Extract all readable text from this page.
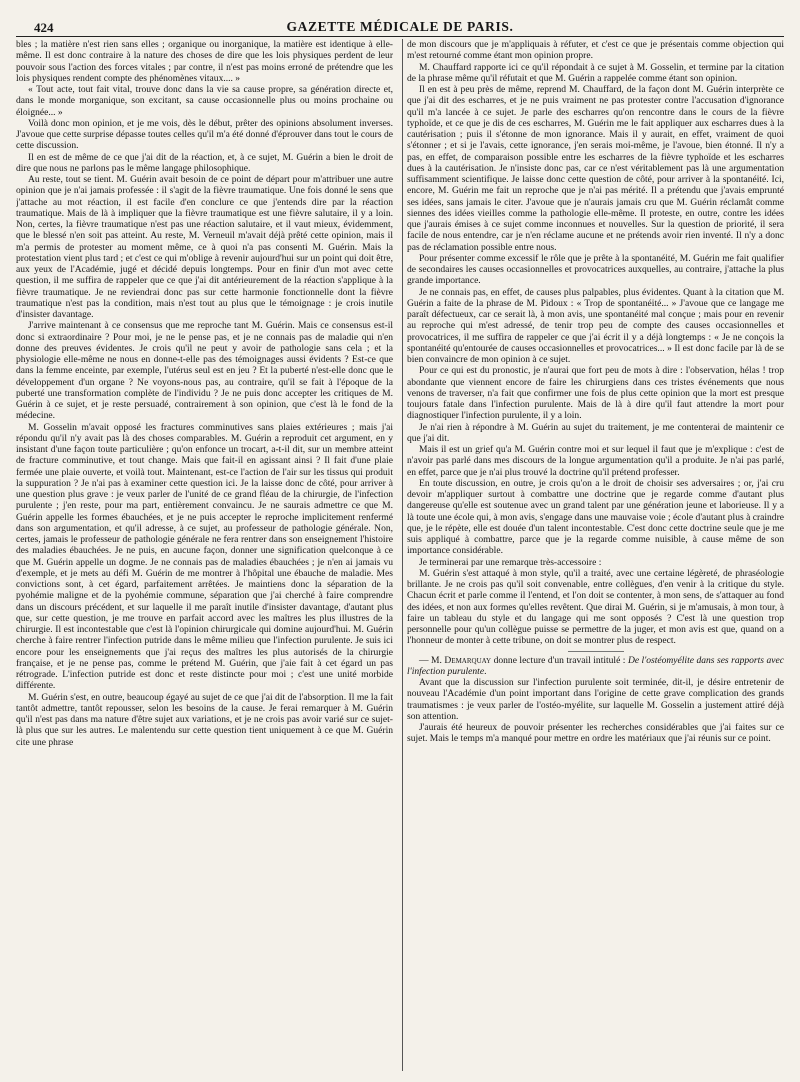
424	GAZETTE MÉDICALE DE PARIS.

bles ; la matière n'est rien sans elles ; organique ou inorganique, la matière est identique à elle-même. Il est donc contraire à la nature des choses de dire que les lois physiques perdent de leur pouvoir sous l'action des forces vitales ; par contre, il n'est pas moins erroné de prétendre que les lois physiques rendent compte des phénomènes vitaux.... »

« Tout acte, tout fait vital, trouve donc dans la vie sa cause propre, sa génération directe et, dans le monde morganique, son excitant, sa cause occasionnelle plus ou moins prochaine ou éloignée... »

Voilà donc mon opinion, et je me vois, dès le début, prêter des opinions absolument inverses. J'avoue que cette surprise dépasse toutes celles qu'il m'a été donné d'éprouver dans tout le cours de cette discussion.

Il en est de même de ce que j'ai dit de la réaction, et, à ce sujet, M. Guérin a bien le droit de dire que nous ne parlons pas le même langage philosophique.

Au reste, tout se tient. M. Guérin avait besoin de ce point de départ pour m'attribuer une autre opinion que je n'ai jamais professée : il s'agit de la fièvre traumatique. Une fois donné le sens que j'attache au mot réaction, il est facile d'en conclure ce que j'entends dire par la réaction traumatique. Mais de là à impliquer que la fièvre traumatique est une fièvre salutaire, il y a loin. Non, certes, la fièvre traumatique n'est pas une réaction salutaire, et il vaut mieux, évidemment, que le blessé n'en soit pas atteint. Au reste, M. Verneuil m'avait déjà prêté cette opinion, mais il m'a permis de protester au moment même, ce à quoi n'a pas consenti M. Guérin. Mais la protestation vient plus tard ; et c'est ce qui m'oblige à revenir aujourd'hui sur un point qui doit être, aux yeux de l'Académie, jugé et décidé depuis longtemps. Pour en finir d'un mot avec cette question, il me suffira de rappeler que ce que j'ai dit antérieurement de la réaction s'applique à la fièvre traumatique. Je ne reviendrai donc pas sur cette harmonie fonctionnelle dont la fièvre traumatique n'est pas la condition, mais n'est tout au plus que le témoignage : je crois inutile d'insister davantage.

J'arrive maintenant à ce consensus que me reproche tant M. Guérin. Mais ce consensus est-il donc si extraordinaire ? Pour moi, je ne le pense pas, et je ne connais pas de maladie qui n'en donne des preuves évidentes. Je crois qu'il ne peut y avoir de pathologie sans cela ; et la physiologie elle-même ne nous en donne-t-elle pas des témoignages aussi évidents ? Est-ce que dans la femme enceinte, par exemple, l'utérus seul est en jeu ? Et la puberté n'est-elle donc que le développement d'un organe ? Ne voyons-nous pas, au contraire, qu'il se fait à l'époque de la puberté une transformation complète de l'individu ? Je ne puis donc accepter les critiques de M. Guérin à ce sujet, et je reste persuadé, contrairement à son opinion, que c'est là le fond de la médecine.

M. Gosselin m'avait opposé les fractures comminutives sans plaies extérieures ; mais j'ai répondu qu'il n'y avait pas là des choses comparables. M. Guérin a reproduit cet argument, en y insistant d'une façon toute particulière ; qu'on enfonce un trocart, a-t-il dit, sur un membre atteint de fracture comminutive, et tout change. Mais que fait-il en agissant ainsi ? Il fait d'une plaie fermée une plaie ouverte, et voilà tout. Maintenant, est-ce l'action de l'air sur les tissus qui produit la suppuration ? Je n'ai pas à examiner cette question ici. Je la laisse donc de côté, pour arriver à une question plus grave : je veux parler de l'unité de ce grand fléau de la chirurgie, de l'infection purulente ; j'en reste, pour ma part, entièrement convaincu. Je ne saurais admettre ce que M. Guérin appelle les formes ébauchées, et je ne puis accepter le reproche implicitement renfermé dans son argumentation, et qu'il adresse, à ce sujet, au professeur de pathologie générale. Non, certes, jamais le professeur de pathologie générale ne fera rentrer dans son enseignement l'histoire des maladies ébauchées. Je ne puis, en aucune façon, donner une signification quelconque à ce que M. Guérin appelle un dogme. Je ne connais pas de maladies ébauchées ; je n'en ai jamais vu d'exemple, et je mets au défi M. Guérin de me montrer à l'hôpital une ébauche de maladie. Mes convictions sont, à cet égard, parfaitement arrêtées. Je maintiens donc la séparation de la pyohémie maligne et de la pyohémie commune, séparation que j'ai cherché à faire comprendre dans un discours précédent, et sur laquelle il me paraît inutile d'insister davantage, d'autant plus que, sur cette question, je me trouve en parfait accord avec les maîtres les plus illustres de la chirurgie. Il est incontestable que c'est là l'opinion chirurgicale qui domine aujourd'hui. M. Guérin cherche à faire rentrer l'infection putride dans le même milieu que l'infection purulente. Je suis ici encore pour les enseignements que j'ai reçus des maîtres les plus autorisés de la chirurgie française, et je ne pense pas, comme le prétend M. Guérin, que j'aie fait à cet égard un pas rétrograde. L'infection putride est donc et reste distincte pour moi ; c'est une unité morbide différente.

M. Guérin s'est, en outre, beaucoup égayé au sujet de ce que j'ai dit de l'absorption. Il me la fait tantôt admettre, tantôt repousser, selon les besoins de la cause. Je ferai remarquer à M. Guérin qu'il n'est pas dans ma nature d'être sujet aux variations, et je ne crois pas avoir varié sur ce sujet-là plus que sur les autres. Le malentendu sur cette question tient uniquement à ce que M. Guérin cite une phrase

de mon discours que je m'appliquais à réfuter, et c'est ce que je présentais comme objection qui m'est retourné comme étant mon opinion propre.

M. Chauffard rapporte ici ce qu'il répondait à ce sujet à M. Gosselin, et termine par la citation de la phrase même qu'il réfutait et que M. Guérin a rappelée comme étant son opinion.

Il en est à peu près de même, reprend M. Chauffard, de la façon dont M. Guérin interprète ce que j'ai dit des escharres, et je ne puis vraiment ne pas protester contre l'accusation d'ignorance qu'il m'a lancée à ce sujet. Je parle des escharres qu'on rencontre dans le cours de la fièvre typhoïde, et ce que je dis de ces escharres, M. Guérin me le fait appliquer aux escharres dues à la cautérisation ; puis il s'étonne de mon ignorance. Mais il y aurait, en effet, vraiment de quoi s'étonner ; et si je l'avais, cette ignorance, j'en serais moi-même, je l'avoue, bien étonné. Il n'y a pas, en effet, de comparaison possible entre les escharres de la fièvre typhoïde et les escharres dues à la cautérisation. Je n'insiste donc pas, car ce n'est véritablement pas là une argumentation suffisamment scientifique. Je laisse donc cette question de côté, pour arriver à la spontanéité. Ici, encore, M. Guérin me fait un reproche que je n'ai pas mérité. Il a prétendu que j'avais emprunté ses idées, sans jamais le citer. J'avoue que je n'aurais jamais cru que M. Guérin réclamât comme siennes des idées vieilles comme la pathologie elle-même. Il proteste, en outre, contre les idées que j'aurais émises à ce sujet comme inconnues et nouvelles. Sur la question de priorité, il sera facile de nous entendre, car je n'en réclame aucune et ne prétends avoir rien inventé. Il n'y a donc pas de réclamation possible entre nous.

Pour présenter comme excessif le rôle que je prête à la spontanéité, M. Guérin me fait qualifier de secondaires les causes occasionnelles et provocatrices auxquelles, au contraire, j'attache la plus grande importance.

Je ne connais pas, en effet, de causes plus palpables, plus évidentes. Quant à la citation que M. Guérin a faite de la phrase de M. Pidoux : « Trop de spontanéité... » J'avoue que ce langage me paraît défectueux, car ce serait là, à mon avis, une spontanéité mal conçue ; mais pour en revenir au reproche qui m'est adressé, de tenir trop peu de compte des causes occasionnelles et provocatrices, il me suffira de rappeler ce que j'ai écrit il y a déjà longtemps : « Je ne conçois la spontanéité qu'entourée de causes occasionnelles et provocatrices... » Il est donc facile par là de se bien convaincre de mon opinion à ce sujet.

Pour ce qui est du pronostic, je n'aurai que fort peu de mots à dire : l'observation, hélas ! trop abondante que viennent encore de faire les chirurgiens dans ces tristes événements que nous venons de traverser, n'a fait que confirmer une fois de plus cette opinion que la mort est presque toujours fatale dans l'infection purulente. Mais de là à dire qu'il faut attendre la mort pour diagnostiquer l'infection purulente, il y a loin.

Je n'ai rien à répondre à M. Guérin au sujet du traitement, je me contenterai de maintenir ce que j'ai dit.

Mais il est un grief qu'a M. Guérin contre moi et sur lequel il faut que je m'explique : c'est de n'avoir pas parlé dans mes discours de la longue argumentation qu'il a produite. Je n'ai pas parlé, en effet, parce que je n'ai plus trouvé la doctrine qu'il prétend professer.

En toute discussion, en outre, je crois qu'on a le droit de choisir ses adversaires ; or, j'ai cru devoir m'appliquer surtout à combattre une doctrine que je regarde comme d'autant plus dangereuse qu'elle est soutenue avec un grand talent par une génération jeune et laborieuse. Il y a là toute une école qui, à mon avis, s'engage dans une mauvaise voie ; école d'autant plus à craindre que, je le répète, elle est douée d'un talent incontestable. C'est donc cette doctrine seule que je me suis appliqué à combattre, parce que je la regarde comme nuisible, à cause même de son importance considérable.

Je terminerai par une remarque très-accessoire :

M. Guérin s'est attaqué à mon style, qu'il a traité, avec une certaine légèreté, de phraséologie brillante. Je ne crois pas qu'il soit convenable, entre collègues, d'en venir à la critique du style. Chacun écrit et parle comme il l'entend, et l'on doit se contenter, à mon sens, de s'attaquer au fond des idées, et non aux formes qu'elles revêtent. Que dirai M. Guérin, si je m'amusais, à mon tour, à faire un tableau du style et du langage qui me sont opposés ? C'est là une question trop personnelle pour qu'un collègue puisse se permettre de la juger, et mon avis est que, quand on a l'honneur de monter à cette tribune, on doit se montrer plus de respect.

— M. Demarquay donne lecture d'un travail intitulé : De l'ostéomyélite dans ses rapports avec l'infection purulente.

Avant que la discussion sur l'infection purulente soit terminée, dit-il, je désire entretenir de nouveau l'Académie d'un point important dans l'origine de cette grave complication des grands traumatismes : je veux parler de l'ostéo-myélite, sur laquelle M. Gosselin a justement attiré déjà son attention.

J'aurais été heureux de pouvoir présenter les recherches considérables que j'ai faites sur ce sujet. Mais le temps m'a manqué pour mettre en ordre les matériaux que j'ai réunis sur ce point.
